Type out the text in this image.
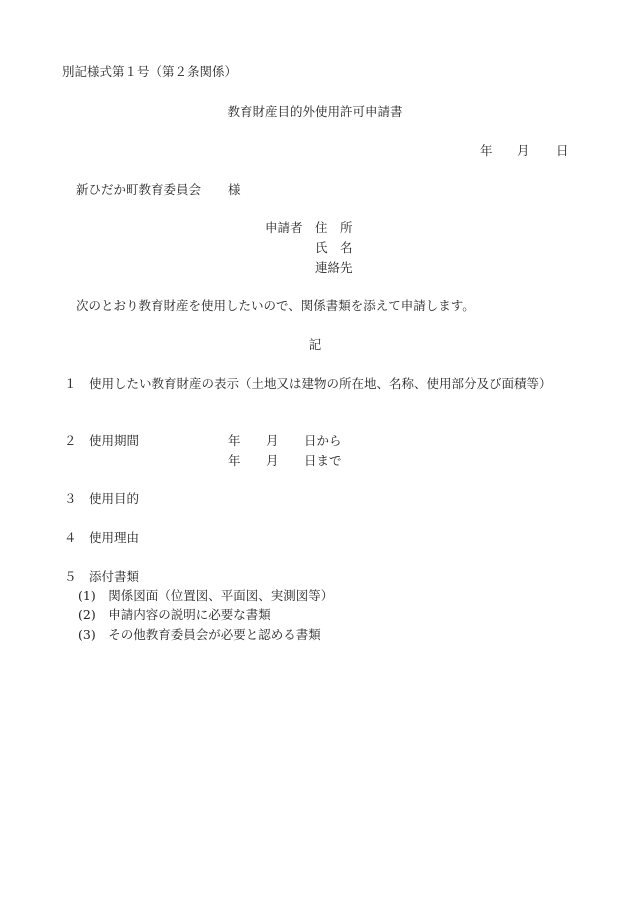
別記様式第１号（第２条関係）
教育財産目的外使用許可申請書
年 月 日
新ひだか町教育委員会 様
申請者 住　所
氏　名
連絡先
次のとおり教育財産を使用したいので、関係書類を添えて申請します。
記
１ 使用したい教育財産の表示（土地又は建物の所在地、名称、使用部分及び面積等）
２ 使用期間	年 月 日から
年 月 日まで
３ 使用目的
４ 使用理由
５ 添付書類
(1)　関係図面（位置図、平面図、実測図等）
(2)　申請内容の説明に必要な書類
(3)　その他教育委員会が必要と認める書類
